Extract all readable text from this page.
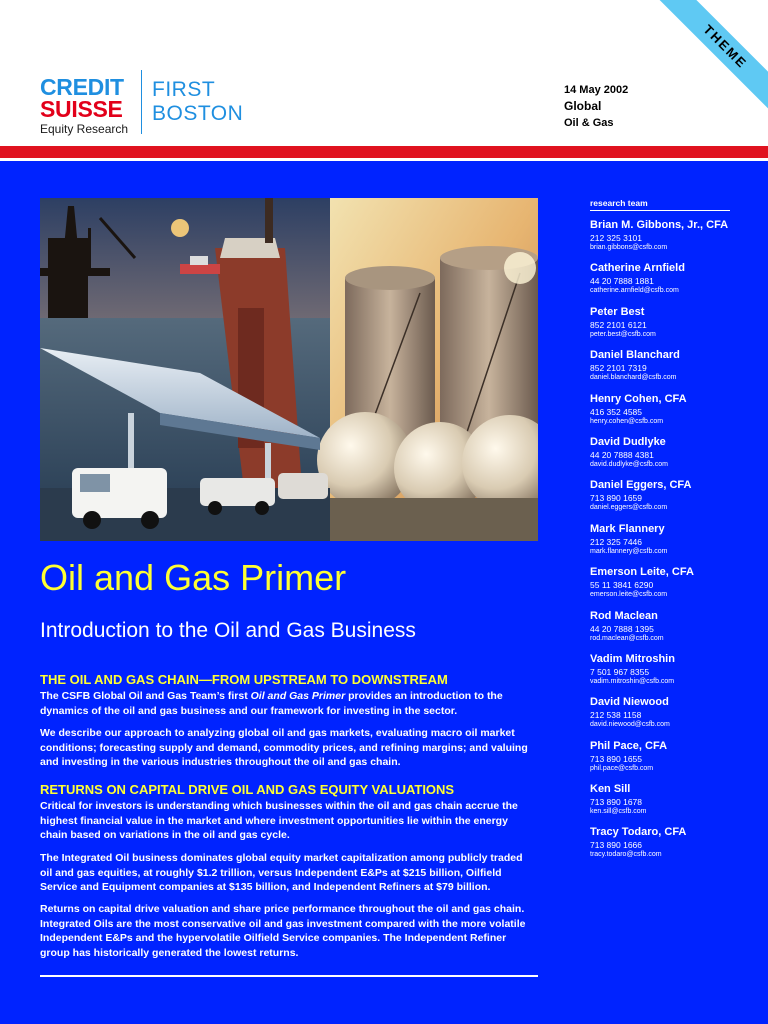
CREDIT
SUISSE
Equity Research
FIRST
BOSTON
14 May 2002
Global
Oil & Gas
THEME
Oil and Gas Primer
Introduction to the Oil and Gas Business
THE OIL AND GAS CHAIN—FROM UPSTREAM TO DOWNSTREAM
The CSFB Global Oil and Gas Team’s first Oil and Gas Primer provides an introduction to the dynamics of the oil and gas business and our framework for investing in the sector.
We describe our approach to analyzing global oil and gas markets, evaluating macro oil market conditions; forecasting supply and demand, commodity prices, and refining margins; and valuing and investing in the various industries throughout the oil and gas chain.
RETURNS ON CAPITAL DRIVE OIL AND GAS EQUITY VALUATIONS
Critical for investors is understanding which businesses within the oil and gas chain accrue the highest financial value in the market and where investment opportunities lie within the energy chain based on variations in the oil and gas cycle.
The Integrated Oil business dominates global equity market capitalization among publicly traded oil and gas equities, at roughly $1.2 trillion, versus Independent E&Ps at $215 billion, Oilfield Service and Equipment companies at $135 billion, and Independent Refiners at $79 billion.
Returns on capital drive valuation and share price performance throughout the oil and gas chain. Integrated Oils are the most conservative oil and gas investment compared with the more volatile Independent E&Ps and the hypervolatile Oilfield Service companies. The Independent Refiner group has historically generated the lowest returns.
research team
Brian M. Gibbons, Jr., CFA
212 325 3101
brian.gibbons@csfb.com
Catherine Arnfield
44 20 7888 1881
catherine.arnfield@csfb.com
Peter Best
852 2101 6121
peter.best@csfb.com
Daniel Blanchard
852 2101 7319
daniel.blanchard@csfb.com
Henry Cohen, CFA
416 352 4585
henry.cohen@csfb.com
David Dudlyke
44 20 7888 4381
david.dudlyke@csfb.com
Daniel Eggers, CFA
713 890 1659
daniel.eggers@csfb.com
Mark Flannery
212 325 7446
mark.flannery@csfb.com
Emerson Leite, CFA
55 11 3841 6290
emerson.leite@csfb.com
Rod Maclean
44 20 7888 1395
rod.maclean@csfb.com
Vadim Mitroshin
7 501 967 8355
vadim.mitroshin@csfb.com
David Niewood
212 538 1158
david.niewood@csfb.com
Phil Pace, CFA
713 890 1655
phil.pace@csfb.com
Ken Sill
713 890 1678
ken.sill@csfb.com
Tracy Todaro, CFA
713 890 1666
tracy.todaro@csfb.com
